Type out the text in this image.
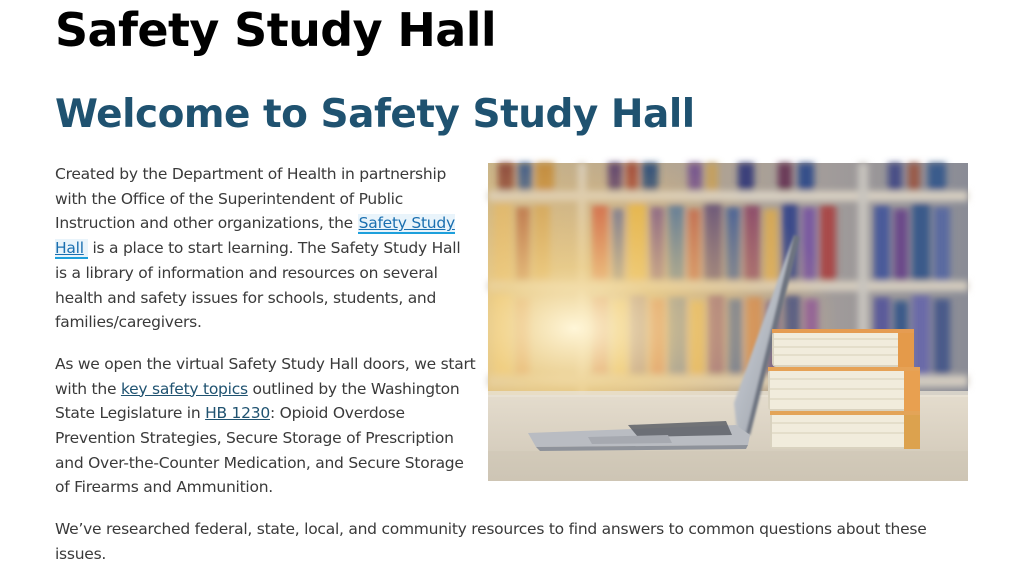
Safety Study Hall
Welcome to Safety Study Hall

Created by the Department of Health in partnership with the Office of the Superintendent of Public Instruction and other organizations, the Safety Study Hall is a place to start learning. The Safety Study Hall is a library of information and resources on several health and safety issues for schools, students, and families/caregivers.

As we open the virtual Safety Study Hall doors, we start with the key safety topics outlined by the Washington State Legislature in HB 1230: Opioid Overdose Prevention Strategies, Secure Storage of Prescription and Over-the-Counter Medication, and Secure Storage of Firearms and Ammunition.

We’ve researched federal, state, local, and community resources to find answers to common questions about these issues.
